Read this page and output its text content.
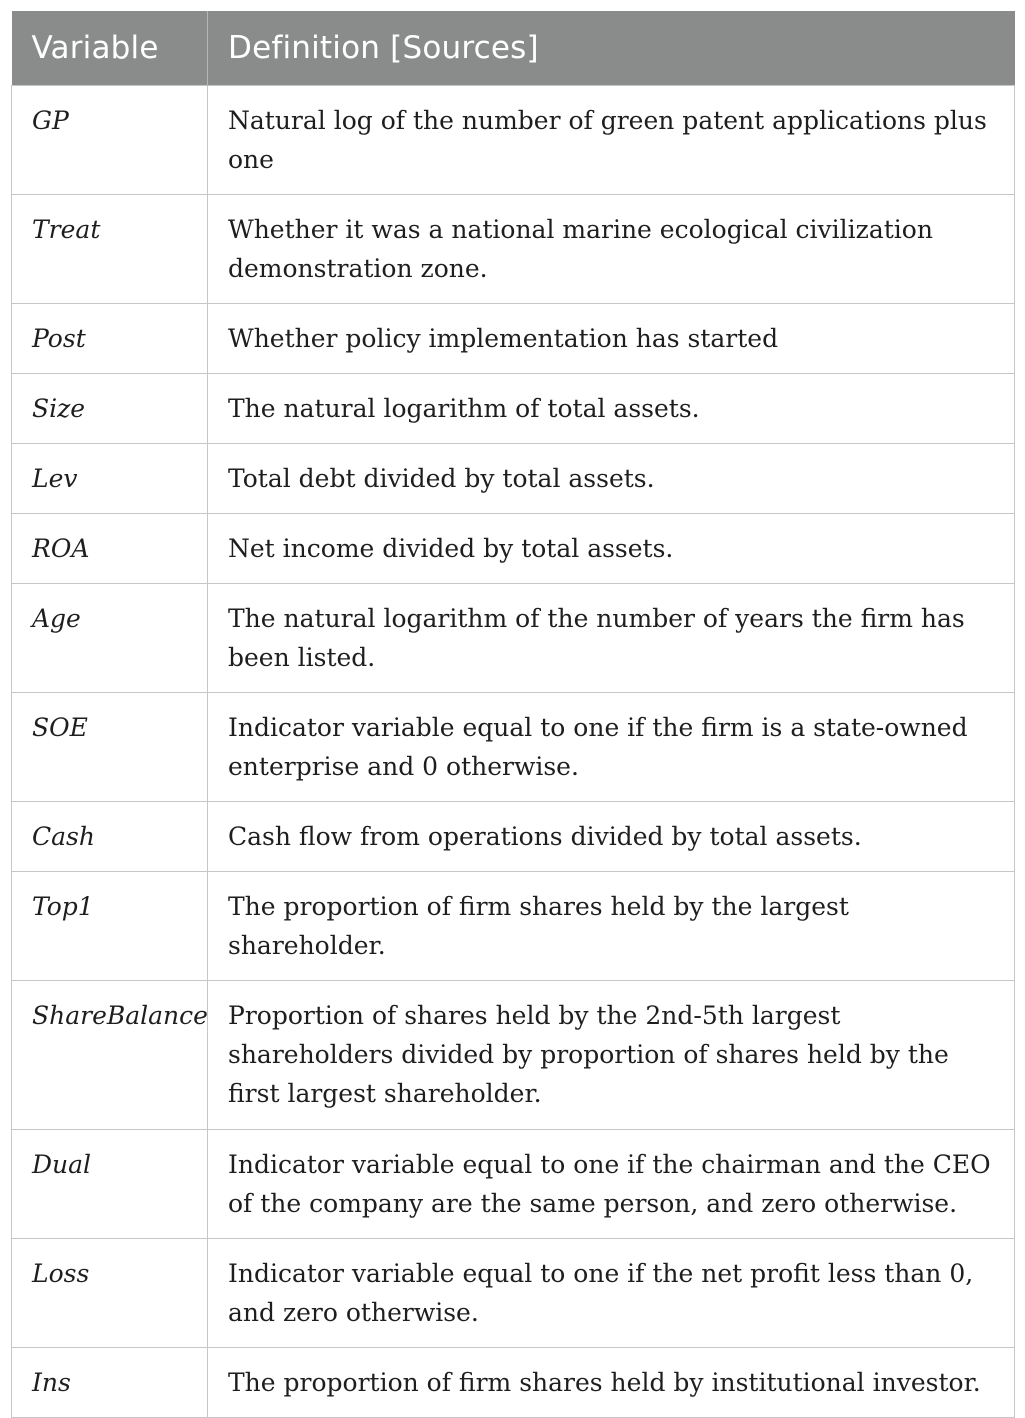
Variable	Definition [Sources]

GP	Natural log of the number of green patent applications plus one

Treat	Whether it was a national marine ecological civilization demonstration zone.

Post	Whether policy implementation has started

Size	The natural logarithm of total assets.

Lev	Total debt divided by total assets.

ROA	Net income divided by total assets.

Age	The natural logarithm of the number of years the firm has been listed.

SOE	Indicator variable equal to one if the firm is a state-owned enterprise and 0 otherwise.

Cash	Cash flow from operations divided by total assets.

Top1	The proportion of firm shares held by the largest shareholder.

ShareBalance	Proportion of shares held by the 2nd-5th largest shareholders divided by proportion of shares held by the first largest shareholder.

Dual	Indicator variable equal to one if the chairman and the CEO of the company are the same person, and zero otherwise.

Loss	Indicator variable equal to one if the net profit less than 0, and zero otherwise.

Ins	The proportion of firm shares held by institutional investor.
